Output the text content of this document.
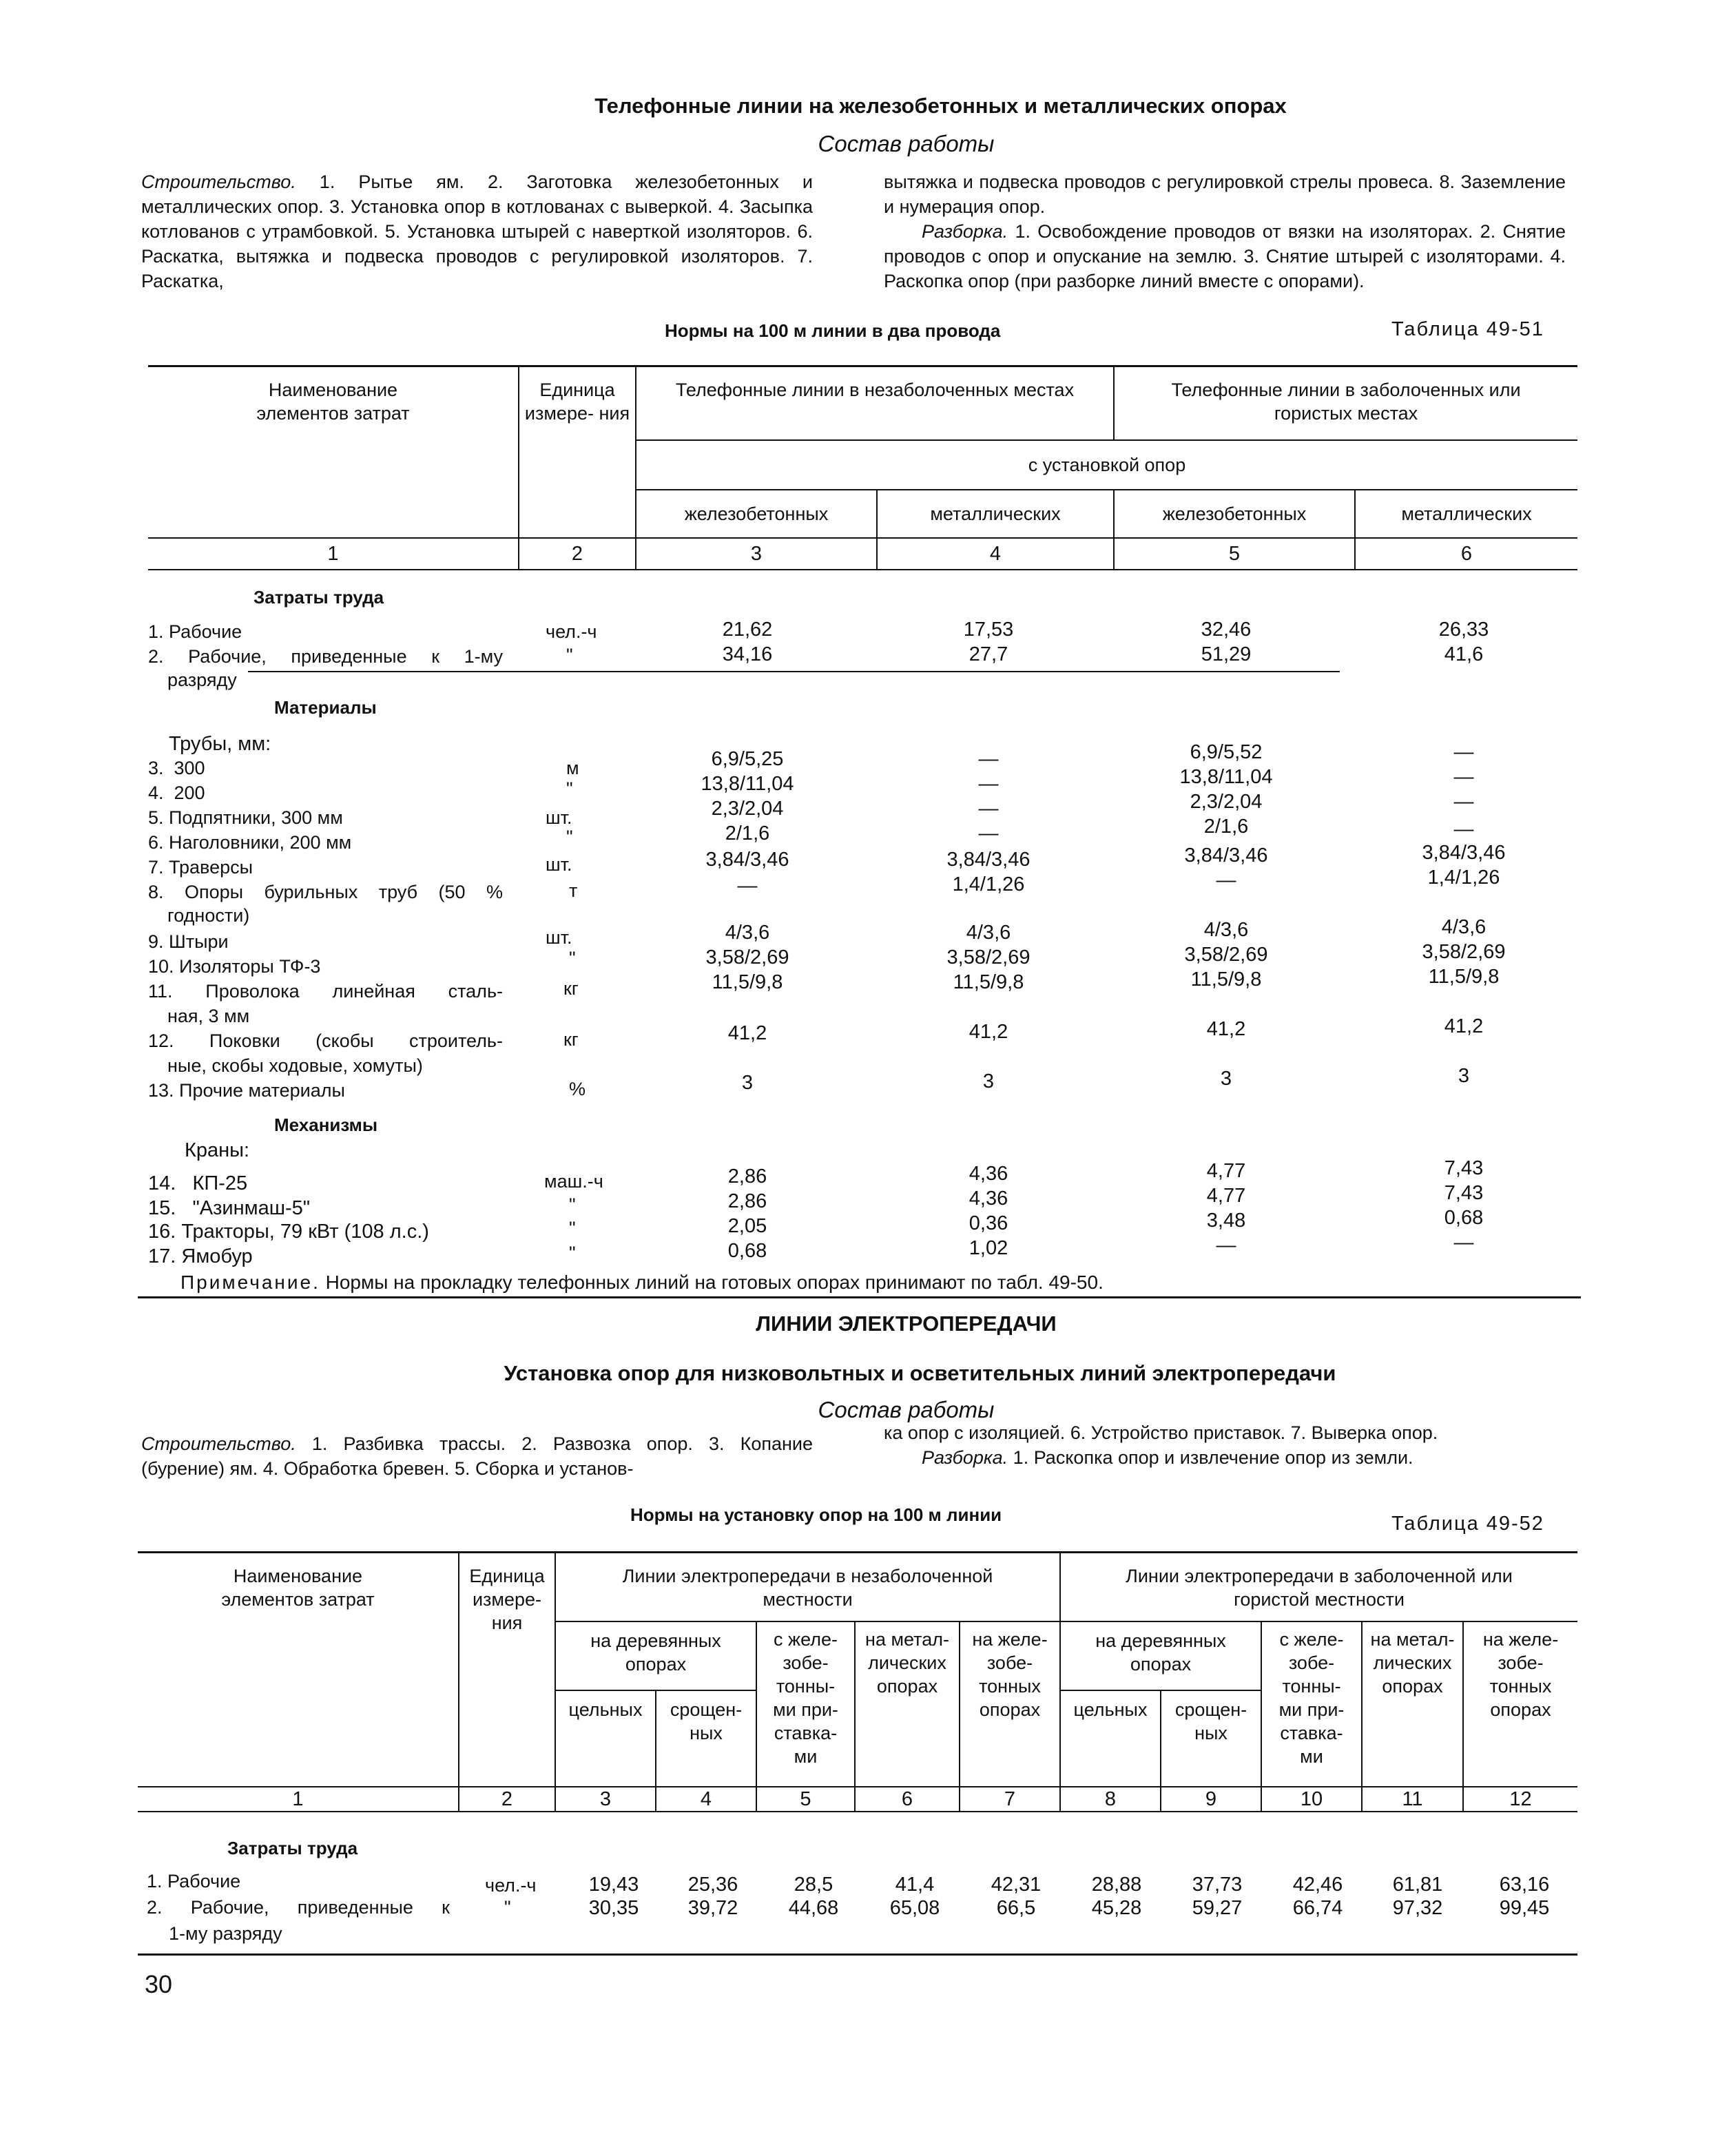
Телефонные линии на железобетонных и металлических опорах
Состав работы
Строительство. 1. Рытье ям. 2. Заготовка железобетонных и металлических опор. 3. Установка опор в котлованах с выверкой. 4. Засыпка котлованов с утрамбовкой. 5. Установка штырей с наверткой изоляторов. 6. Раскатка, вытяжка и подвеска проводов с регулировкой изоляторов. 7. Раскатка,
вытяжка и подвеска проводов с регулировкой стрелы провеса. 8. Заземление и нумерация опор.
Разборка. 1. Освобождение проводов от вязки на изоляторах. 2. Снятие проводов с опор и опускание на землю. 3. Снятие штырей с изоляторами. 4. Раскопка опор (при разборке линий вместе с опорами).
Нормы на 100 м линии в два провода	Таблица 49-51
Наименование элементов затрат	Единица измере- ния	Телефонные линии в незаболоченных местах		Телефонные линии в заболоченных или гористых местах	
		с установкой опор			
		железобетонных	металлических	железобетонных	металлических
1	2	3	4	5	6
Затраты труда
1. Рабочие	чел.-ч	21,62	17,53	32,46	26,33
2. Рабочие, приведенные к 1-му
разряду
"	34,16	27,7	51,29	41,6
Материалы
Трубы, мм:
3.  300	м	6,9/5,25	—	6,9/5,52	—
4.  200	"	13,8/11,04	—	13,8/11,04	—
5. Подпятники, 300 мм	шт.	2,3/2,04	—	2,3/2,04	—
6. Наголовники, 200 мм	"	2/1,6	—	2/1,6	—
7. Траверсы	шт.	3,84/3,46	3,84/3,46	3,84/3,46	3,84/3,46
8. Опоры бурильных труб (50 %
годности)
т	—	1,4/1,26	—	1,4/1,26
9. Штыри	шт.	4/3,6	4/3,6	4/3,6	4/3,6
10. Изоляторы ТФ-3	"	3,58/2,69	3,58/2,69	3,58/2,69	3,58/2,69
11. Проволока линейная сталь-
ная, 3 мм
кг	11,5/9,8	11,5/9,8	11,5/9,8	11,5/9,8
12. Поковки (скобы строитель-
ные, скобы ходовые, хомуты)
кг	41,2	41,2	41,2	41,2
13. Прочие материалы	%	3	3	3	3
Механизмы
Краны:
14.   КП-25	маш.-ч	2,86	4,36	4,77	7,43
15.   "Азинмаш-5"	"	2,86	4,36	4,77	7,43
16. Тракторы, 79 кВт (108 л.с.)	"	2,05	0,36	3,48	0,68
17. Ямобур	"	0,68	1,02	—	—
Примечание. Нормы на прокладку телефонных линий на готовых опорах принимают по табл. 49-50.
ЛИНИИ ЭЛЕКТРОПЕРЕДАЧИ
Установка опор для низковольтных и осветительных линий электропередачи
Состав работы
Строительство. 1. Разбивка трассы. 2. Развозка опор. 3. Копание (бурение) ям. 4. Обработка бревен. 5. Сборка и установ-
ка опор с изоляцией. 6. Устройство приставок. 7. Выверка опор.
Разборка. 1. Раскопка опор и извлечение опор из земли.
Нормы на установку опор на 100 м линии	Таблица 49-52
Наименование элементов затрат	Единица измере- ния	Линии электропередачи в незаболоченной местности					Линии электропередачи в заболоченной или гористой местности				
		на деревянных опорах		с желе- зобе- тонны- ми при- ставка- ми	на метал- лических опорах	на желе- зобе- тонных опорах	на деревянных опорах		с желе- зобе- тонны- ми при- ставка- ми	на метал- лических опорах	на желе- зобе- тонных опорах
		цельных	срощен- ных				цельных	срощен- ных			
1	2	3	4	5	6	7	8	9	10	11	12
Затраты труда
1. Рабочие	чел.-ч	19,43	25,36	28,5	41,4	42,31	28,88	37,73	42,46	61,81	63,16
2. Рабочие, приведенные к
1-му разряду
"	30,35	39,72	44,68	65,08	66,5	45,28	59,27	66,74	97,32	99,45
30
